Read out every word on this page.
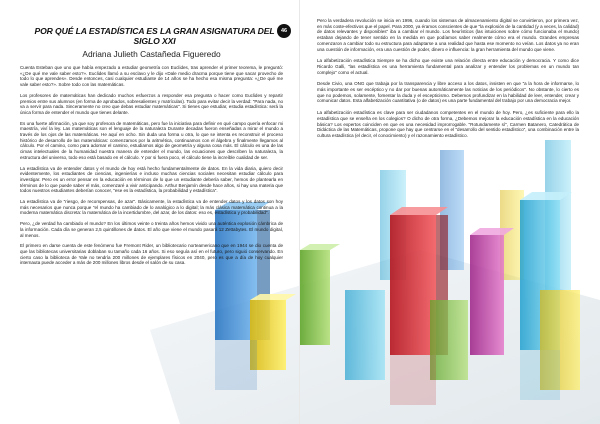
46
POR QUÉ LA ESTADÍSTICA ES LA GRAN ASIGNATURA DEL SIGLO XXI
Adriana Julieth Castañeda Figueredo

Cuenta Esteban que uno que había empezado a estudiar geometría con Euclides, tras aprender el primer teorema, le preguntó: «¿De qué me vale saber esto?». Euclides llamó a su esclavo y le dijo «Dale medio dracma porque tiene que sacar provecho de todo lo que aprendes». Desde entonces, casi cualquier estudiante de 14 años se ha hecho esa misma pregunta: «¿De qué me vale saber esto?». Sobre todo con las matemáticas.

Los profesores de matemáticas han dedicado muchos esfuerzos a responder esa pregunta o hacer como Euclides y repartir premios entre sus alumnos (en forma de aprobados, sobresalientes y matrículas). Todo para evitar decir la verdad: "Para nada, no va a servir para nada. Sinceramente no creo que debas estudiar matemáticas". Si tienes que estudiar, estudia estadística: será la única forma de entender el mundo que tienes delante.

Es una fuerte afirmación, ya que soy profesora de matemáticas, pero fue la iniciativa para definir en qué campo quería enfocar mi maestría, viví la ley. Las matemáticas son el lenguaje de la naturaleza Durante decadas fueron enseñadas a mirar el mundo a través de los ojos de las matemáticas. He aquí en ocho. Sin duda una forma u otra, lo que se intenta es reconstruir el proceso histórico de desarrollo de las matemáticas: comenzamos por la aritmética, continuamos con el álgebra y finalmente llegamos al cálculo. Por el camino, como para adornar el camino, estudiamos algo de geometría y alguna cosa más. El cálculo es una de las cimas intelectuales de la humanidad nuestra manera de entender el mundo, las ecuaciones que describen la naturaleza, la estructura del universo, todo eso está basado en el cálculo. Y por si fuera poco, el cálculo tiene la increíble cualidad de ser.

La estadística va de entender datos y el mundo de hoy está hecho fundamentalmente de datos. En la vida diaria, quiero decir evidentemente, los estudiantes de ciencias, ingenierías e incluso muchas ciencias sociales necesitan estudiar cálculo para investigar. Pero es un error pensar en la educación en términos de lo que un estudiante debería saber, hemos de plantearla en términos de lo que puede saber el más, comenzaré a vivir anticipando. Arthur Benjamín desde hace años, si hay una materia que todos nuestros estudiantes deberían conocer, "ese es la estadística, la probabilidad y estadística".

La estadística va de "riesgo, de recompensas, de azar". Básicamente, la estadística va de entender datos y los datos son hoy más necesarios que nunca porque "el mundo ha cambiado de lo analógico a lo digital; la más clásica matemática continua a la moderna matemática discreta: la matemática de la incertidumbre, del azar, de los datos: eso es, estadística y probabilidad".

Pero, ¿de verdad ha cambiado el mundo? En los últimos veinte o treinta años hemos vivido una auténtica explosión cámbrica de la información. Cada día se generan 2,5 quintillones de datos. El año que viene el mundo pasará 12 Zettabytes. El mundo digital, al menos.

El primero en darse cuenta de este fenómeno fue Fremont Rider, un bibliotecario norteamericano que en 1944 se dio cuenta de que las bibliotecas universitarias doblaban su tamaño cada 16 años. Si eso seguía así en el futuro, pero siguió conservando. En cierto caso la biblioteca de Yale no tendría 200 millones de ejemplares físicos en 2040, pero es que a día de hoy cualquier internauta puede acceder a más de 200 millones libros desde el salón de su casa.

Pero la verdadera revolución se inicia en 1996, cuando los sistemas de almacenamiento digital se convirtieron, por primera vez, en más coste-efectivos que el papel. Para 2000, ya éramos conscientes de que "la explosión de la cantidad (y a veces, la calidad) de datos relevantes y disponibles" iba a cambiar el mundo. Los heurísticos (las intuiciones sobre cómo funcionaba el mundo) estaban dejando de tener sentido en la medida en que podíamos saber realmente cómo era el mundo. Grandes empresas comenzaron a cambiar todo su estructura para adaptarse a una realidad que hasta ese momento no veían. Los datos ya no eran una cuestión de información, era una cuestión de poder, dinero e influencia: la gran herramienta del mundo que viene.

La alfabetización estadística Siempre se ha dicho que existe una relación directa entre educación y democracia. Y como dice Ricardo Galli, "las estadística es una herramienta fundamental para analizar y entender los problemas en un mundo tan complejo" como el actual.

Desde Civio, una ONG que trabaja por la transparencia y libre acceso a los datos, insisten en que "a la hora de informarse, lo más importante es ser escéptico y no dar por buenas automáticamente las noticias de los periódicos". No obstante, lo cierto es que no podemos, solamente, fomentar la duda y el escepticismo. Debemos profundizar en la habilidad de leer, entender, crear y comunicar datos. Esta alfabetización cuantitativa (o de datos) es una parte fundamental del trabajo por una democracia mejor.

La alfabetización estadística es clave para ser ciudadanos competentes en el mundo de hoy. Pero, ¿es suficiente para ello la estadística que se enseña en los colegios? O dicho de otra forma, ¿Debemos mejorar la educación estadística en la educación básica? Los expertos coinciden en que es una necesidad improrrogable. "Rotundamente sí", Carmen Batanero, Catedrática de Didáctica de las Matemáticas, propone que hay que centrarse en el "desarrollo del sentido estadístico", una combinación entre la cultura estadística (el decir, el conocimiento) y el razonamiento estadístico.
